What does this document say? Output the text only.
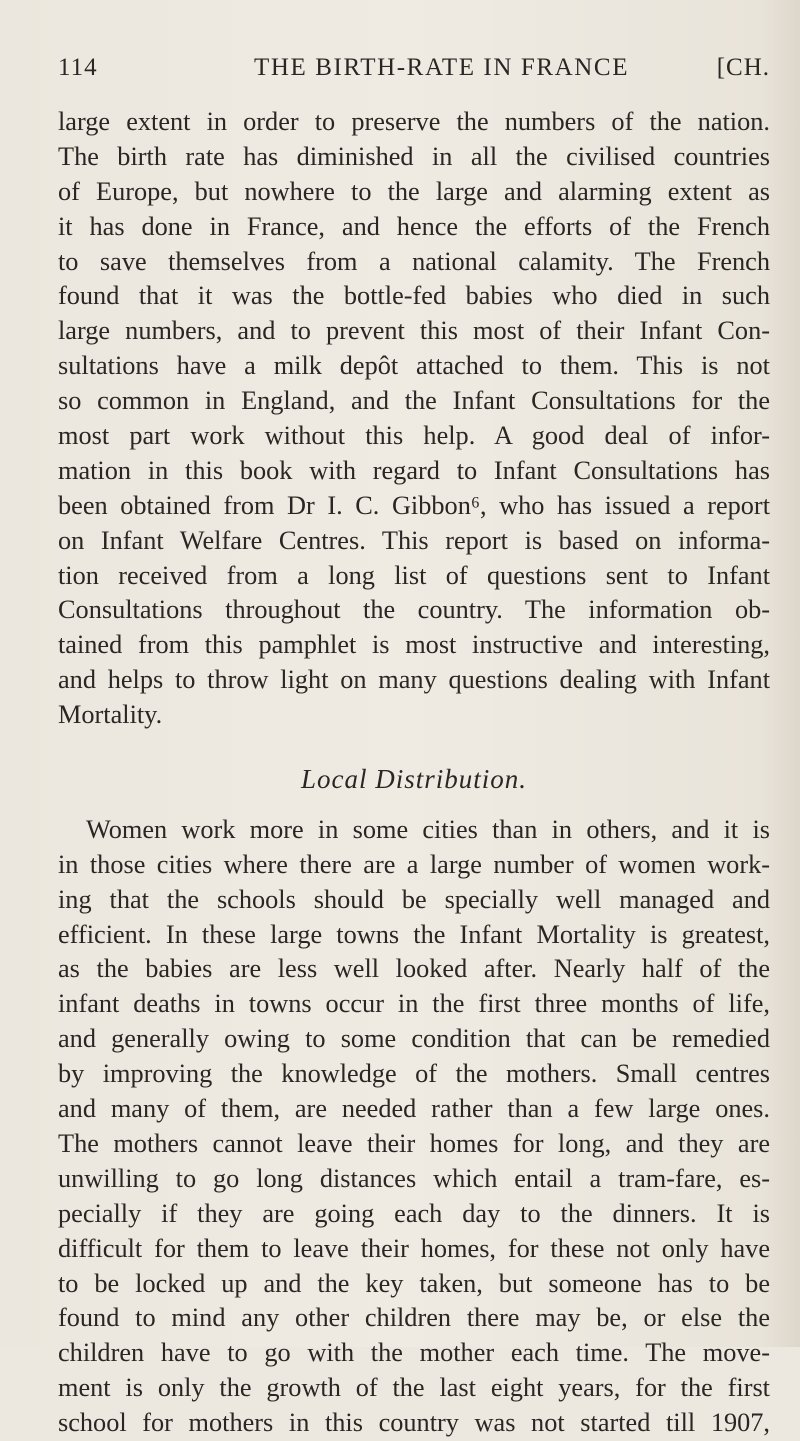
114	THE BIRTH-RATE IN FRANCE	[CH.
large extent in order to preserve the numbers of the nation.
The birth rate has diminished in all the civilised countries
of Europe, but nowhere to the large and alarming extent as
it has done in France, and hence the efforts of the French
to save themselves from a national calamity. The French
found that it was the bottle-fed babies who died in such
large numbers, and to prevent this most of their Infant Con-
sultations have a milk depôt attached to them. This is not
so common in England, and the Infant Consultations for the
most part work without this help. A good deal of infor-
mation in this book with regard to Infant Consultations has
been obtained from Dr I. C. Gibbon⁶, who has issued a report
on Infant Welfare Centres. This report is based on informa-
tion received from a long list of questions sent to Infant
Consultations throughout the country. The information ob-
tained from this pamphlet is most instructive and interesting,
and helps to throw light on many questions dealing with Infant
Mortality.
Local Distribution.
Women work more in some cities than in others, and it is
in those cities where there are a large number of women work-
ing that the schools should be specially well managed and
efficient. In these large towns the Infant Mortality is greatest,
as the babies are less well looked after. Nearly half of the
infant deaths in towns occur in the first three months of life,
and generally owing to some condition that can be remedied
by improving the knowledge of the mothers. Small centres
and many of them, are needed rather than a few large ones.
The mothers cannot leave their homes for long, and they are
unwilling to go long distances which entail a tram-fare, es-
pecially if they are going each day to the dinners. It is
difficult for them to leave their homes, for these not only have
to be locked up and the key taken, but someone has to be
found to mind any other children there may be, or else the
children have to go with the mother each time. The move-
ment is only the growth of the last eight years, for the first
school for mothers in this country was not started till 1907,
